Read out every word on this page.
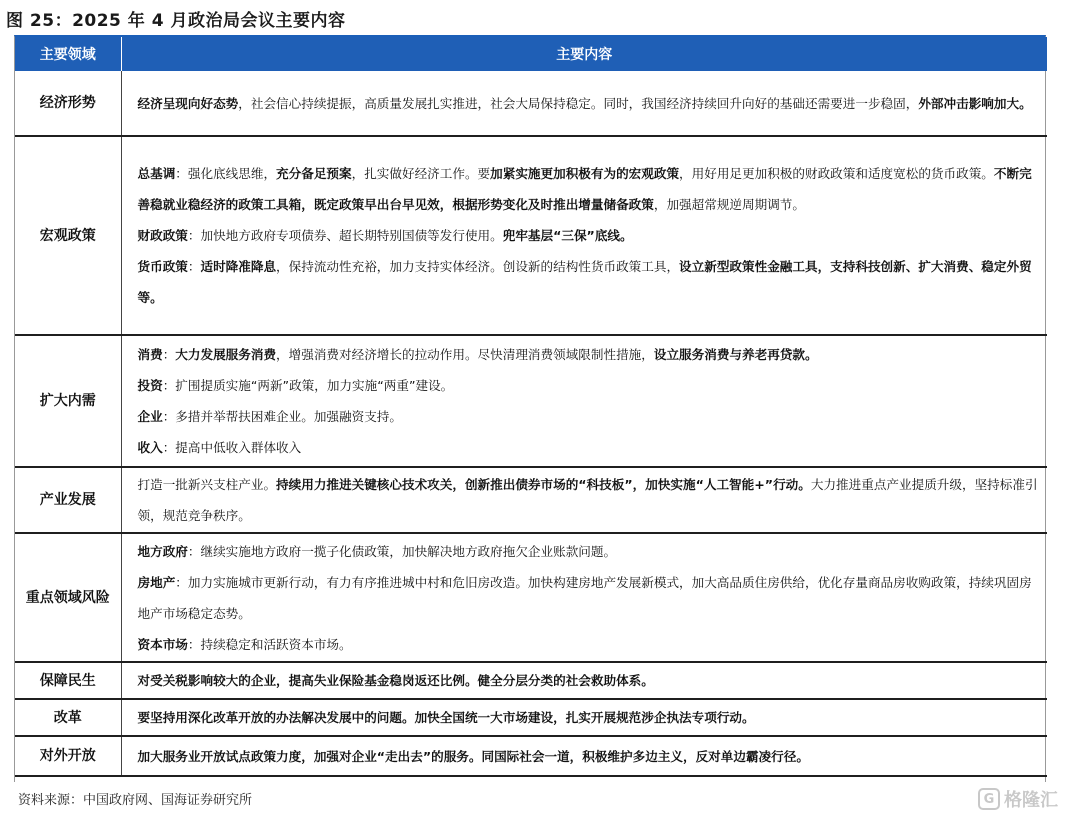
图 25：2025 年 4 月政治局会议主要内容
主要领域	主要内容
经济形势	经济呈现向好态势，社会信心持续提振，高质量发展扎实推进，社会大局保持稳定。同时，我国经济持续回升向好的基础还需要进一步稳固，外部冲击影响加大。

宏观政策	总基调：强化底线思维，充分备足预案，扎实做好经济工作。要加紧实施更加积极有为的宏观政策，用好用足更加积极的财政政策和适度宽松的货币政策。不断完善稳就业稳经济的政策工具箱，既定政策早出台早见效，根据形势变化及时推出增量储备政策，加强超常规逆周期调节。

财政政策：加快地方政府专项债券、超长期特别国债等发行使用。兜牢基层“三保”底线。

货币政策：适时降准降息，保持流动性充裕，加力支持实体经济。创设新的结构性货币政策工具，设立新型政策性金融工具，支持科技创新、扩大消费、稳定外贸等。

扩大内需	消费：大力发展服务消费，增强消费对经济增长的拉动作用。尽快清理消费领域限制性措施，设立服务消费与养老再贷款。

投资：扩围提质实施“两新”政策，加力实施“两重”建设。

企业：多措并举帮扶困难企业。加强融资支持。

收入：提高中低收入群体收入

产业发展	打造一批新兴支柱产业。持续用力推进关键核心技术攻关，创新推出债券市场的“科技板”，加快实施“人工智能+”行动。大力推进重点产业提质升级，坚持标准引领，规范竞争秩序。

重点领域风险	地方政府：继续实施地方政府一揽子化债政策，加快解决地方政府拖欠企业账款问题。

房地产：加力实施城市更新行动，有力有序推进城中村和危旧房改造。加快构建房地产发展新模式，加大高品质住房供给，优化存量商品房收购政策，持续巩固房地产市场稳定态势。

资本市场：持续稳定和活跃资本市场。

保障民生	对受关税影响较大的企业，提高失业保险基金稳岗返还比例。健全分层分类的社会救助体系。

改革	要坚持用深化改革开放的办法解决发展中的问题。加快全国统一大市场建设，扎实开展规范涉企执法专项行动。

对外开放	加大服务业开放试点政策力度，加强对企业“走出去”的服务。同国际社会一道，积极维护多边主义，反对单边霸凌行径。

资料来源：中国政府网、国海证券研究所	G 格隆汇
